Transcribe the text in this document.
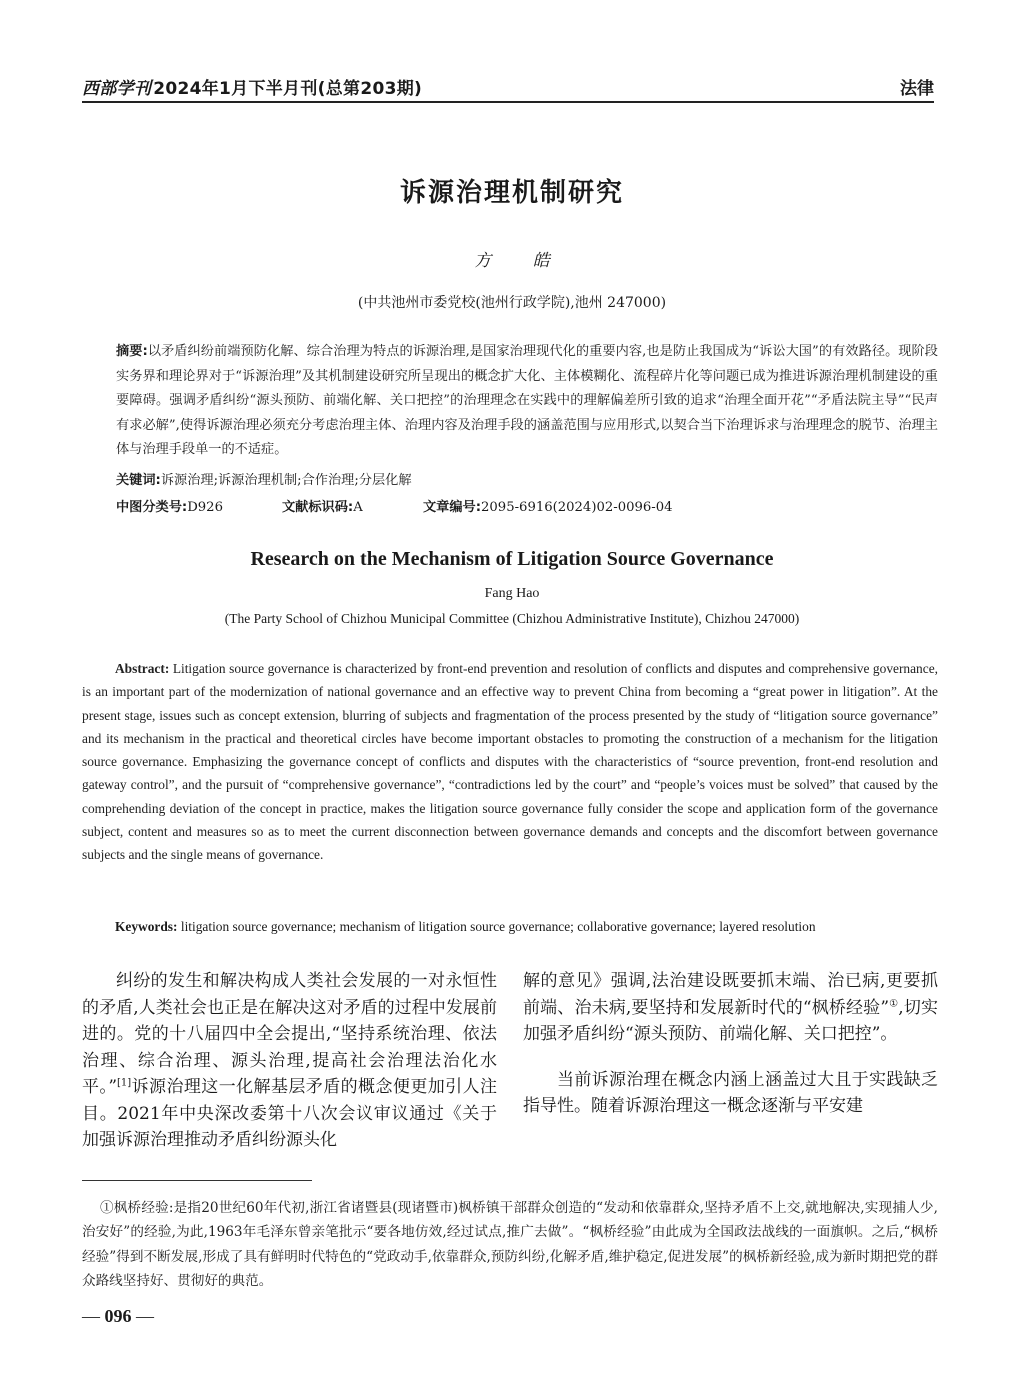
西部学刊 2024年1月下半月刊(总第203期)	法律
诉源治理机制研究
方 皓
(中共池州市委党校(池州行政学院),池州 247000)
摘要:以矛盾纠纷前端预防化解、综合治理为特点的诉源治理,是国家治理现代化的重要内容,也是防止我国成为“诉讼大国”的有效路径。现阶段实务界和理论界对于“诉源治理”及其机制建设研究所呈现出的概念扩大化、主体模糊化、流程碎片化等问题已成为推进诉源治理机制建设的重要障碍。强调矛盾纠纷“源头预防、前端化解、关口把控”的治理理念在实践中的理解偏差所引致的追求“治理全面开花”“矛盾法院主导”“民声有求必解”,使得诉源治理必须充分考虑治理主体、治理内容及治理手段的涵盖范围与应用形式,以契合当下治理诉求与治理理念的脱节、治理主体与治理手段单一的不适症。
关键词:诉源治理;诉源治理机制;合作治理;分层化解
中图分类号:D926	文献标识码:A	文章编号:2095-6916(2024)02-0096-04
Research on the Mechanism of Litigation Source Governance
Fang Hao
(The Party School of Chizhou Municipal Committee (Chizhou Administrative Institute), Chizhou 247000)
Abstract: Litigation source governance is characterized by front-end prevention and resolution of conflicts and disputes and comprehensive governance, is an important part of the modernization of national governance and an effective way to prevent China from becoming a “great power in litigation”. At the present stage, issues such as concept extension, blurring of subjects and fragmentation of the process presented by the study of “litigation source governance” and its mechanism in the practical and theoretical circles have become important obstacles to promoting the construction of a mechanism for the litigation source governance. Emphasizing the governance concept of conflicts and disputes with the characteristics of “source prevention, front-end resolution and gateway control”, and the pursuit of “comprehensive governance”, “contradictions led by the court” and “people’s voices must be solved” that caused by the comprehending deviation of the concept in practice, makes the litigation source governance fully consider the scope and application form of the governance subject, content and measures so as to meet the current disconnection between governance demands and concepts and the discomfort between governance subjects and the single means of governance.
Keywords: litigation source governance; mechanism of litigation source governance; collaborative governance; layered resolution

纠纷的发生和解决构成人类社会发展的一对永恒性的矛盾,人类社会也正是在解决这对矛盾的过程中发展前进的。党的十八届四中全会提出,“坚持系统治理、依法治理、综合治理、源头治理,提高社会治理法治化水平。”[1]诉源治理这一化解基层矛盾的概念便更加引人注目。2021年中央深改委第十八次会议审议通过《关于加强诉源治理推动矛盾纠纷源头化

解的意见》强调,法治建设既要抓末端、治已病,更要抓前端、治未病,要坚持和发展新时代的“枫桥经验”①,切实加强矛盾纠纷“源头预防、前端化解、关口把控”。

当前诉源治理在概念内涵上涵盖过大且于实践缺乏指导性。随着诉源治理这一概念逐渐与平安建

①枫桥经验:是指20世纪60年代初,浙江省诸暨县(现诸暨市)枫桥镇干部群众创造的“发动和依靠群众,坚持矛盾不上交,就地解决,实现捕人少,治安好”的经验,为此,1963年毛泽东曾亲笔批示“要各地仿效,经过试点,推广去做”。“枫桥经验”由此成为全国政法战线的一面旗帜。之后,“枫桥经验”得到不断发展,形成了具有鲜明时代特色的“党政动手,依靠群众,预防纠纷,化解矛盾,维护稳定,促进发展”的枫桥新经验,成为新时期把党的群众路线坚持好、贯彻好的典范。
— 096 —
